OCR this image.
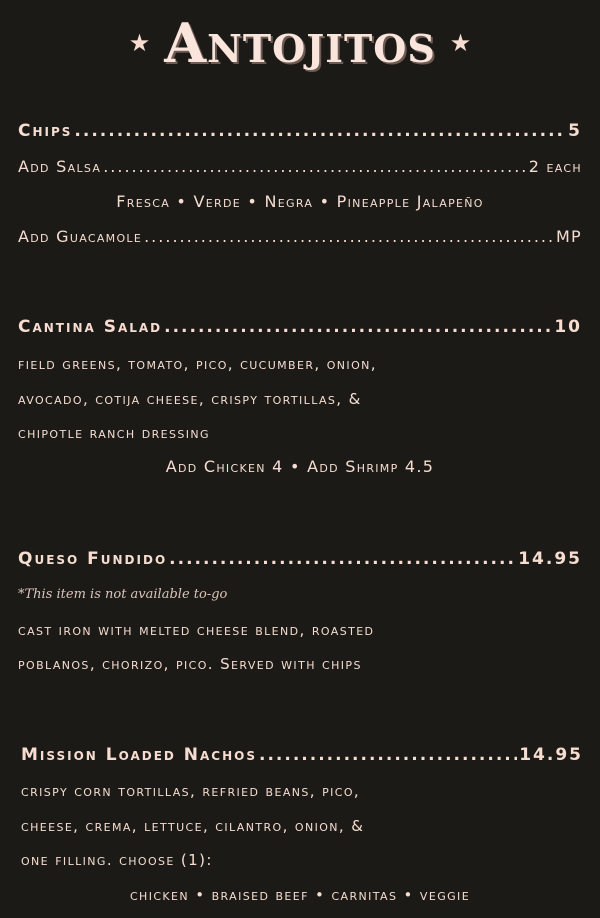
★ Antojitos ★
Chips .....	5
Add Salsa .....	2 each
Fresca • Verde • Negra • Pineapple Jalapeño
Add Guacamole .....	MP
Cantina Salad .....	10
field greens, tomato, pico, cucumber, onion,
avocado, cotija cheese, crispy tortillas, &
chipotle ranch dressing
Add Chicken 4 • Add Shrimp 4.5
Queso Fundido .....	14.95
*This item is not available to-go
cast iron with melted cheese blend, roasted
poblanos, chorizo, pico. Served with chips
Mission Loaded Nachos .....	14.95
crispy corn tortillas, refried beans, pico,
cheese, crema, lettuce, cilantro, onion, &
one filling. choose (1):
chicken • braised beef • carnitas • veggie
